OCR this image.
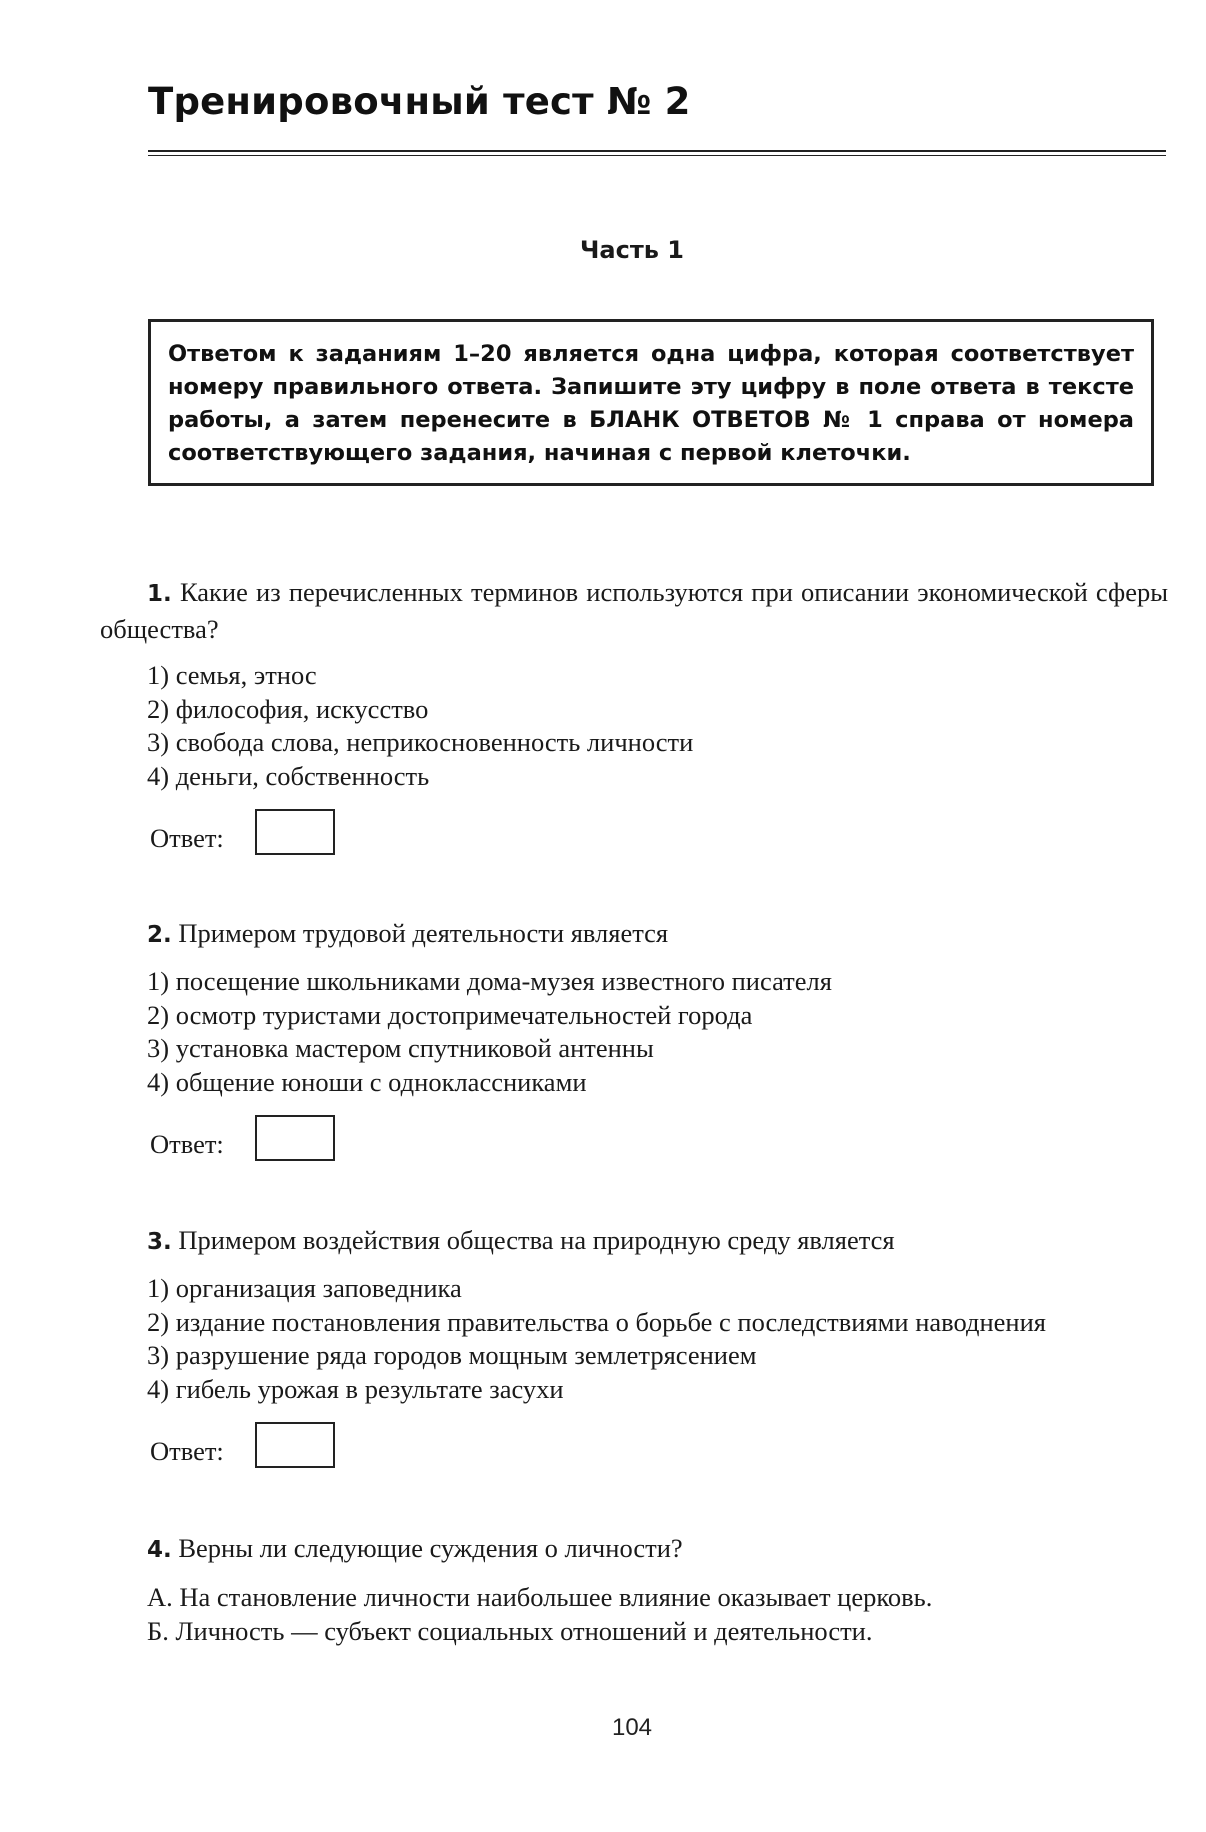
Тренировочный тест № 2
Часть 1
Ответом к заданиям 1–20 является одна цифра, которая соответствует номеру правильного ответа. Запишите эту цифру в поле ответа в тексте работы, а затем перенесите в БЛАНК ОТВЕТОВ № 1 справа от номера соответствующего задания, начиная с первой клеточки.
1. Какие из перечисленных терминов используются при описании экономической сферы общества?
1) семья, этнос
2) философия, искусство
3) свобода слова, неприкосновенность личности
4) деньги, собственность
Ответ:
2. Примером трудовой деятельности является
1) посещение школьниками дома-музея известного писателя
2) осмотр туристами достопримечательностей города
3) установка мастером спутниковой антенны
4) общение юноши с одноклассниками
Ответ:
3. Примером воздействия общества на природную среду является
1) организация заповедника
2) издание постановления правительства о борьбе с последствиями наводнения
3) разрушение ряда городов мощным землетрясением
4) гибель урожая в результате засухи
Ответ:
4. Верны ли следующие суждения о личности?
А. На становление личности наибольшее влияние оказывает церковь.
Б. Личность — субъект социальных отношений и деятельности.
104
